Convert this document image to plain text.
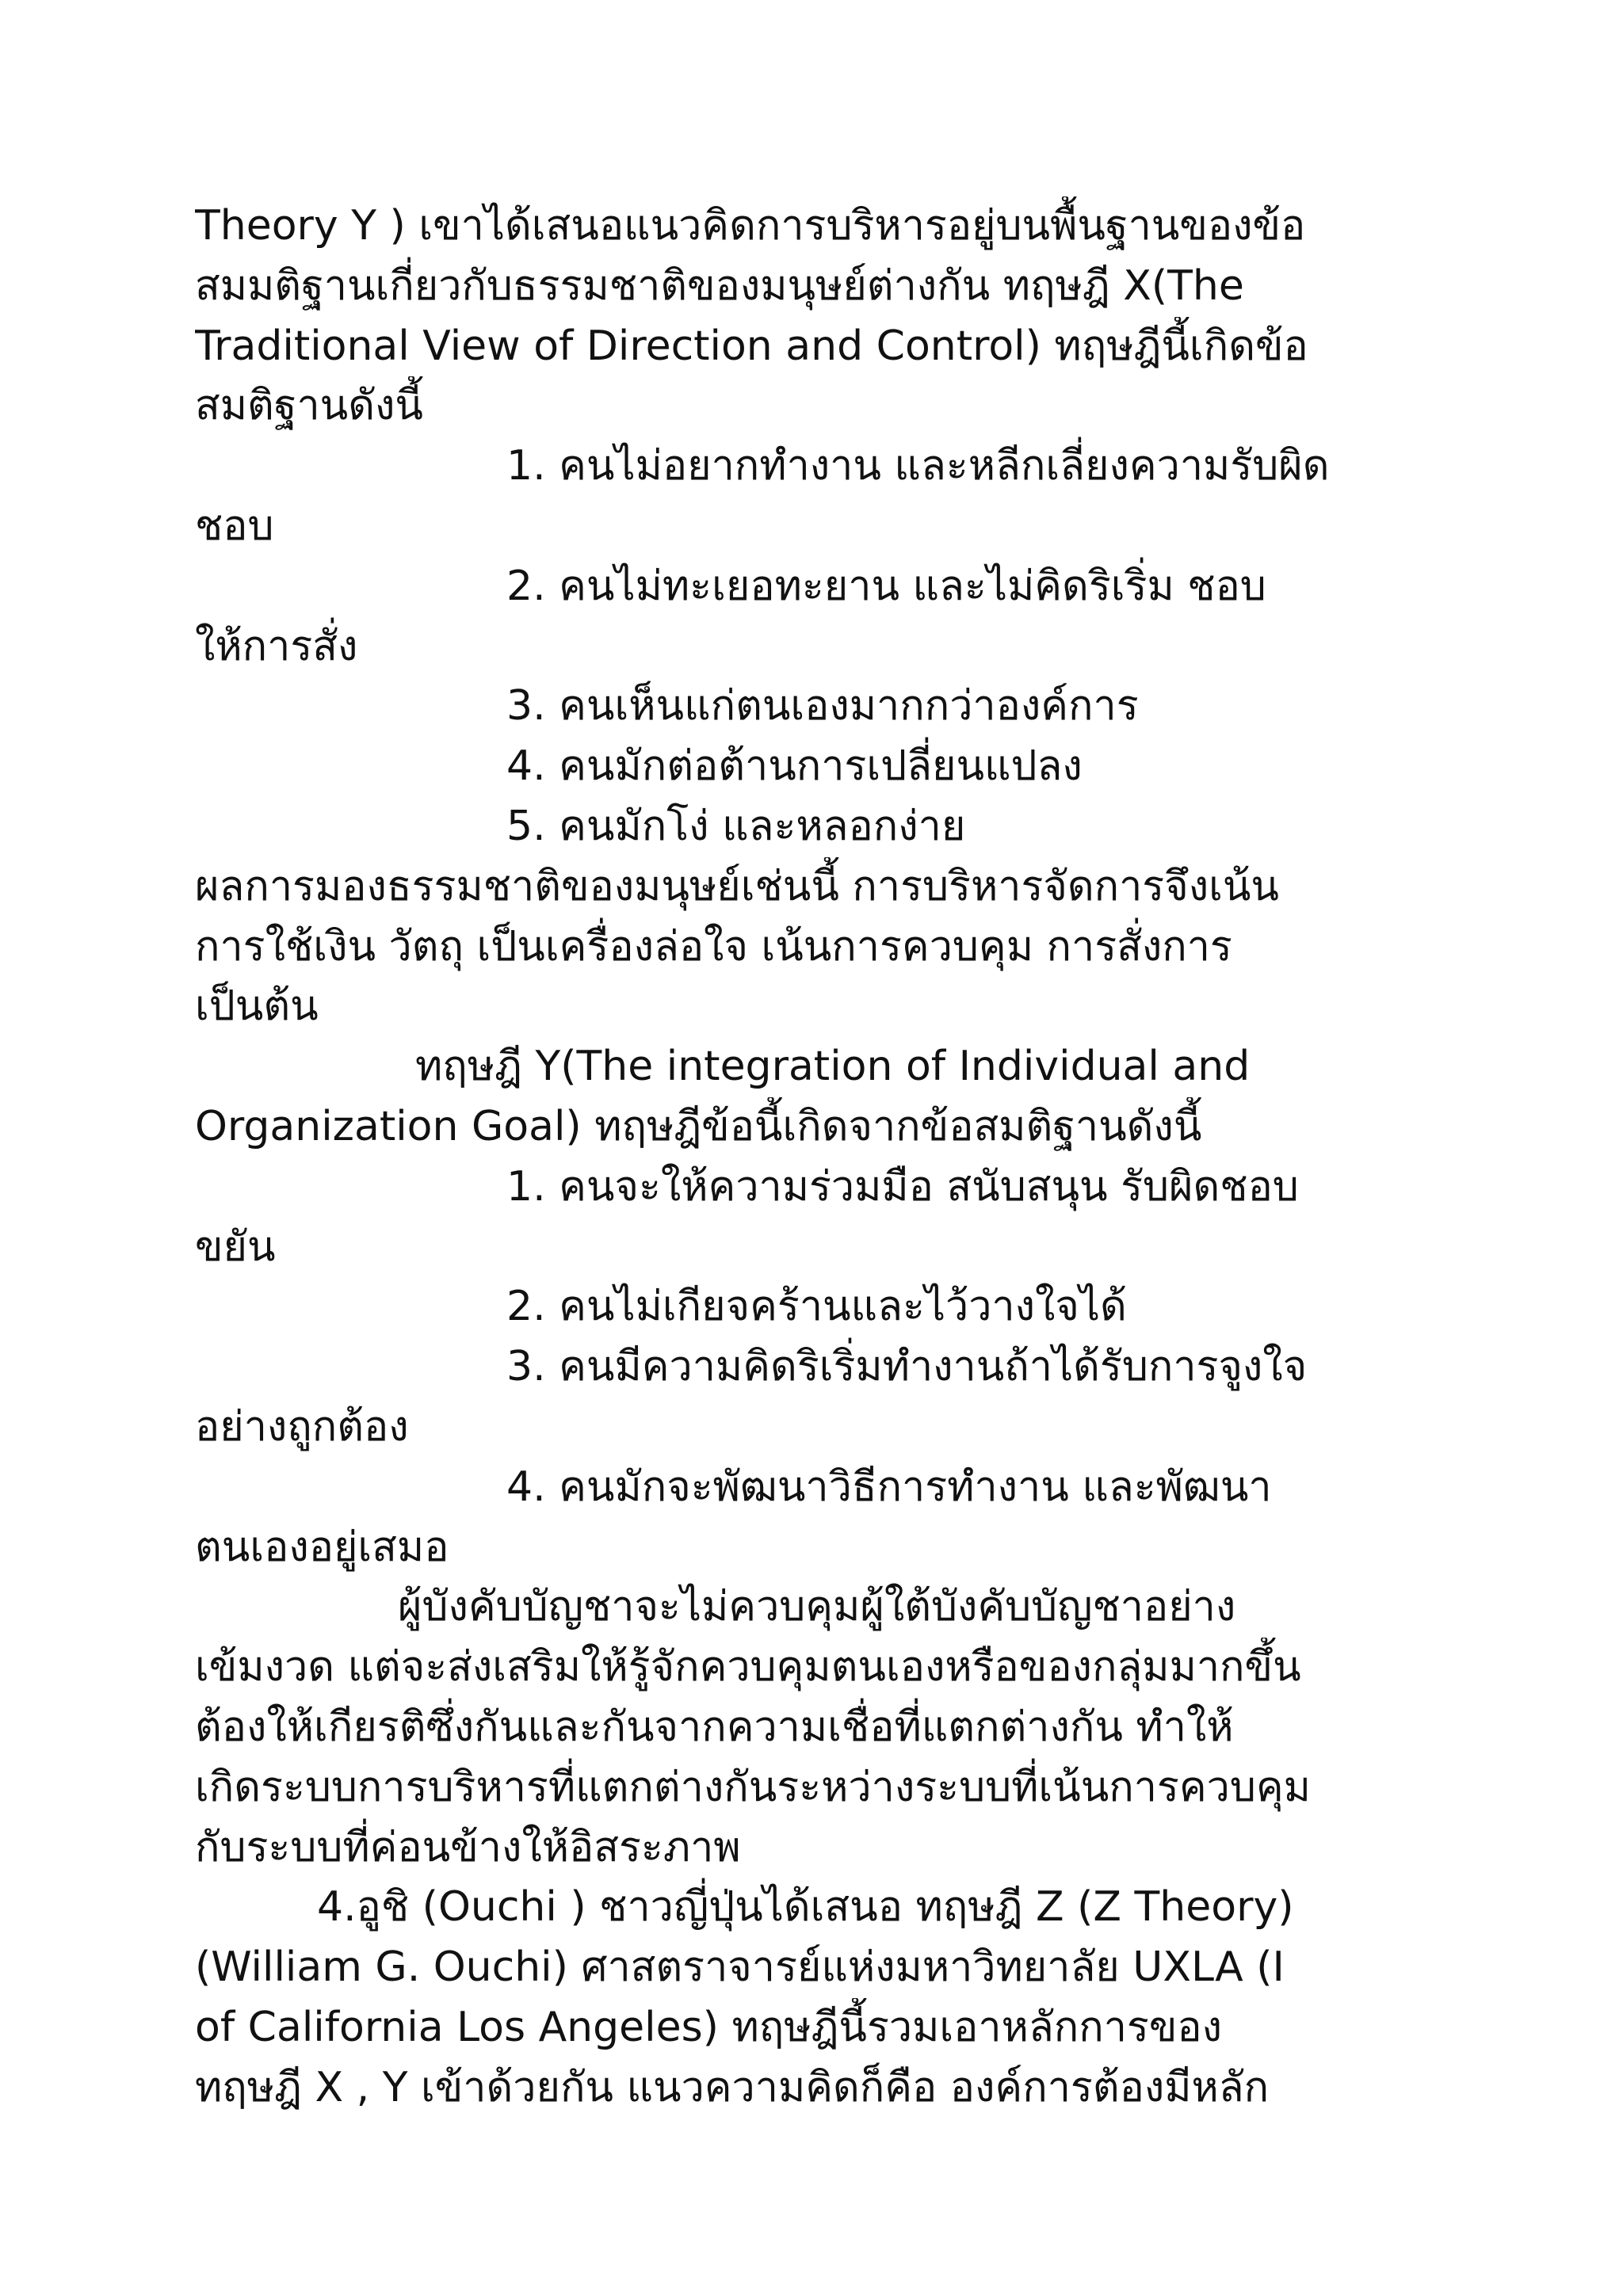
Theory Y ) เขาได้เสนอแนวคิดการบริหารอยู่บนพื้นฐานของข้อ
สมมติฐานเกี่ยวกับธรรมชาติของมนุษย์ต่างกัน ทฤษฎี X(The
Traditional View of Direction and Control) ทฤษฎีนี้เกิดข้อ
สมติฐานดังนี้
1. คนไม่อยากทำงาน และหลีกเลี่ยงความรับผิด
ชอบ
2. คนไม่ทะเยอทะยาน และไม่คิดริเริ่ม ชอบ
ให้การสั่ง
3. คนเห็นแก่ตนเองมากกว่าองค์การ
4. คนมักต่อต้านการเปลี่ยนแปลง
5. คนมักโง่ และหลอกง่าย
ผลการมองธรรมชาติของมนุษย์เช่นนี้ การบริหารจัดการจึงเน้น
การใช้เงิน วัตถุ เป็นเครื่องล่อใจ เน้นการควบคุม การสั่งการ
เป็นต้น
ทฤษฎี Y(The integration of Individual and
Organization Goal) ทฤษฎีข้อนี้เกิดจากข้อสมติฐานดังนี้
1. คนจะให้ความร่วมมือ สนับสนุน รับผิดชอบ
ขยัน
2. คนไม่เกียจคร้านและไว้วางใจได้
3. คนมีความคิดริเริ่มทำงานถ้าได้รับการจูงใจ
อย่างถูกต้อง
4. คนมักจะพัฒนาวิธีการทำงาน และพัฒนา
ตนเองอยู่เสมอ
ผู้บังคับบัญชาจะไม่ควบคุมผู้ใต้บังคับบัญชาอย่าง
เข้มงวด แต่จะส่งเสริมให้รู้จักควบคุมตนเองหรือของกลุ่มมากขึ้น
ต้องให้เกียรติซึ่งกันและกันจากความเชื่อที่แตกต่างกัน ทำให้
เกิดระบบการบริหารที่แตกต่างกันระหว่างระบบที่เน้นการควบคุม
กับระบบที่ค่อนข้างให้อิสระภาพ
4.อูชิ (Ouchi ) ชาวญี่ปุ่นได้เสนอ ทฤษฎี Z (Z Theory)
(William G. Ouchi) ศาสตราจารย์แห่งมหาวิทยาลัย UXLA (I
of California Los Angeles) ทฤษฎีนี้รวมเอาหลักการของ
ทฤษฎี X , Y เข้าด้วยกัน แนวความคิดก็คือ องค์การต้องมีหลัก
